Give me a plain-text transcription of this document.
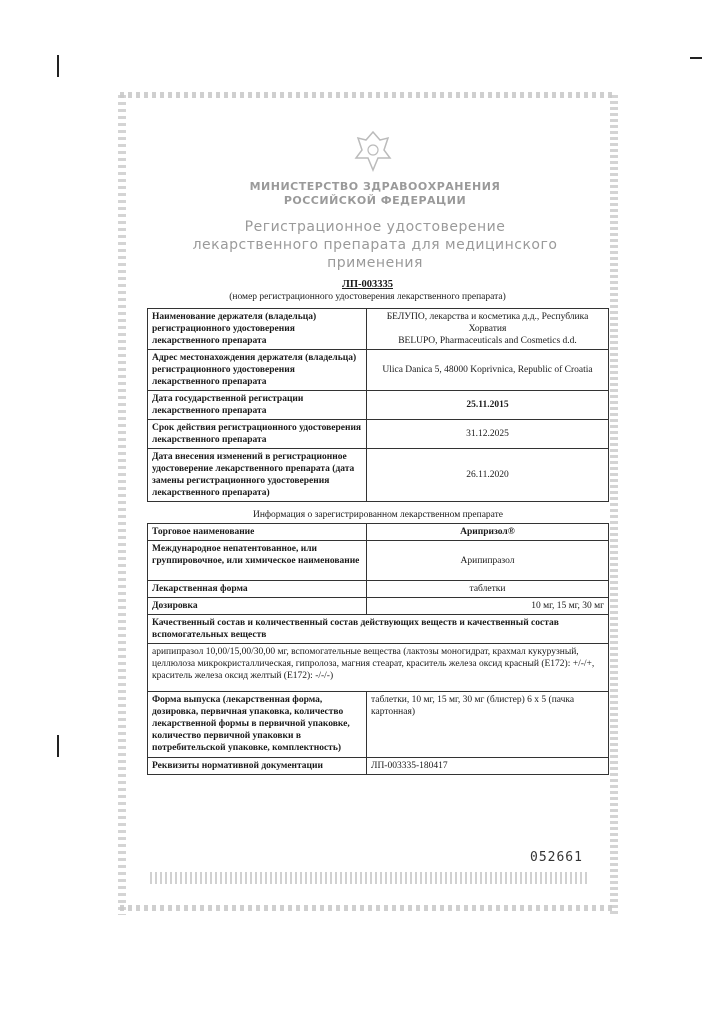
МИНИСТЕРСТВО ЗДРАВООХРАНЕНИЯ
РОССИЙСКОЙ ФЕДЕРАЦИИ
Регистрационное удостоверение
лекарственного препарата для медицинского применения
ЛП-003335
(номер регистрационного удостоверения лекарственного препарата)
Наименование держателя (владельца) регистрационного удостоверения лекарственного препарата	БЕЛУПО, лекарства и косметика д.д., Республика Хорватия
BELUPO, Pharmaceuticals and Cosmetics d.d.
Адрес местонахождения держателя (владельца) регистрационного удостоверения лекарственного препарата	Ulica Danica 5, 48000 Koprivnica, Republic of Croatia
Дата государственной регистрации лекарственного препарата	25.11.2015
Срок действия регистрационного удостоверения лекарственного препарата	31.12.2025
Дата внесения изменений в регистрационное удостоверение лекарственного препарата (дата замены регистрационного удостоверения лекарственного препарата)	26.11.2020
Информация о зарегистрированном лекарственном препарате
Торговое наименование	Арипризол®
Международное непатентованное, или группировочное, или химическое наименование	Арипипразол
Лекарственная форма	таблетки
Дозировка	10 мг, 15 мг, 30 мг
Качественный состав и количественный состав действующих веществ и качественный состав вспомогательных веществ	
арипипразол 10,00/15,00/30,00 мг, вспомогательные вещества (лактозы моногидрат, крахмал кукурузный, целлюлоза микрокристаллическая, гипролоза, магния стеарат, краситель железа оксид красный (E172): +/-/+, краситель железа оксид желтый (E172): -/-/-)	
Форма выпуска (лекарственная форма, дозировка, первичная упаковка, количество лекарственной формы в первичной упаковке, количество первичной упаковки в потребительской упаковке, комплектность)	таблетки, 10 мг, 15 мг, 30 мг (блистер) 6 x 5 (пачка картонная)
Реквизиты нормативной документации	ЛП-003335-180417
052661
